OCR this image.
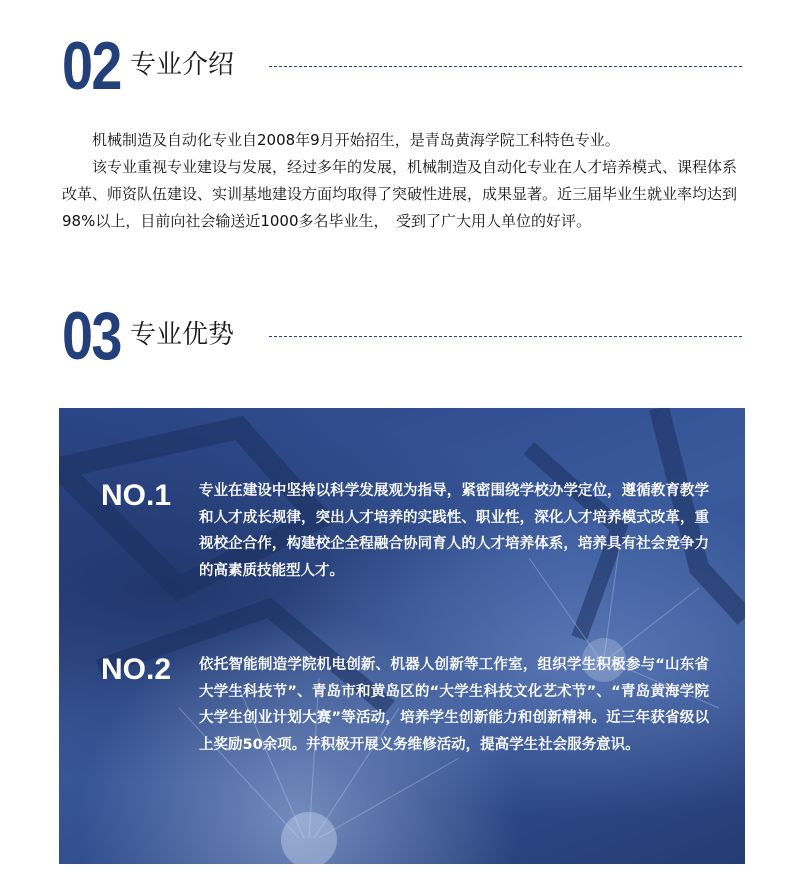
02 专业介绍

机械制造及自动化专业自2008年9月开始招生，是青岛黄海学院工科特色专业。

该专业重视专业建设与发展，经过多年的发展，机械制造及自动化专业在人才培养模式、课程体系改革、师资队伍建设、实训基地建设方面均取得了突破性进展，成果显著。近三届毕业生就业率均达到98%以上，目前向社会输送近1000多名毕业生，　受到了广大用人单位的好评。

03 专业优势
NO.1 专业在建设中坚持以科学发展观为指导，紧密围绕学校办学定位，遵循教育教学和人才成长规律，突出人才培养的实践性、职业性，深化人才培养模式改革，重视校企合作，构建校企全程融合协同育人的人才培养体系，培养具有社会竞争力的高素质技能型人才。
NO.2 依托智能制造学院机电创新、机器人创新等工作室，组织学生积极参与“山东省大学生科技节”、青岛市和黄岛区的“大学生科技文化艺术节”、“青岛黄海学院大学生创业计划大赛”等活动，培养学生创新能力和创新精神。近三年获省级以上奖励50余项。并积极开展义务维修活动，提高学生社会服务意识。
